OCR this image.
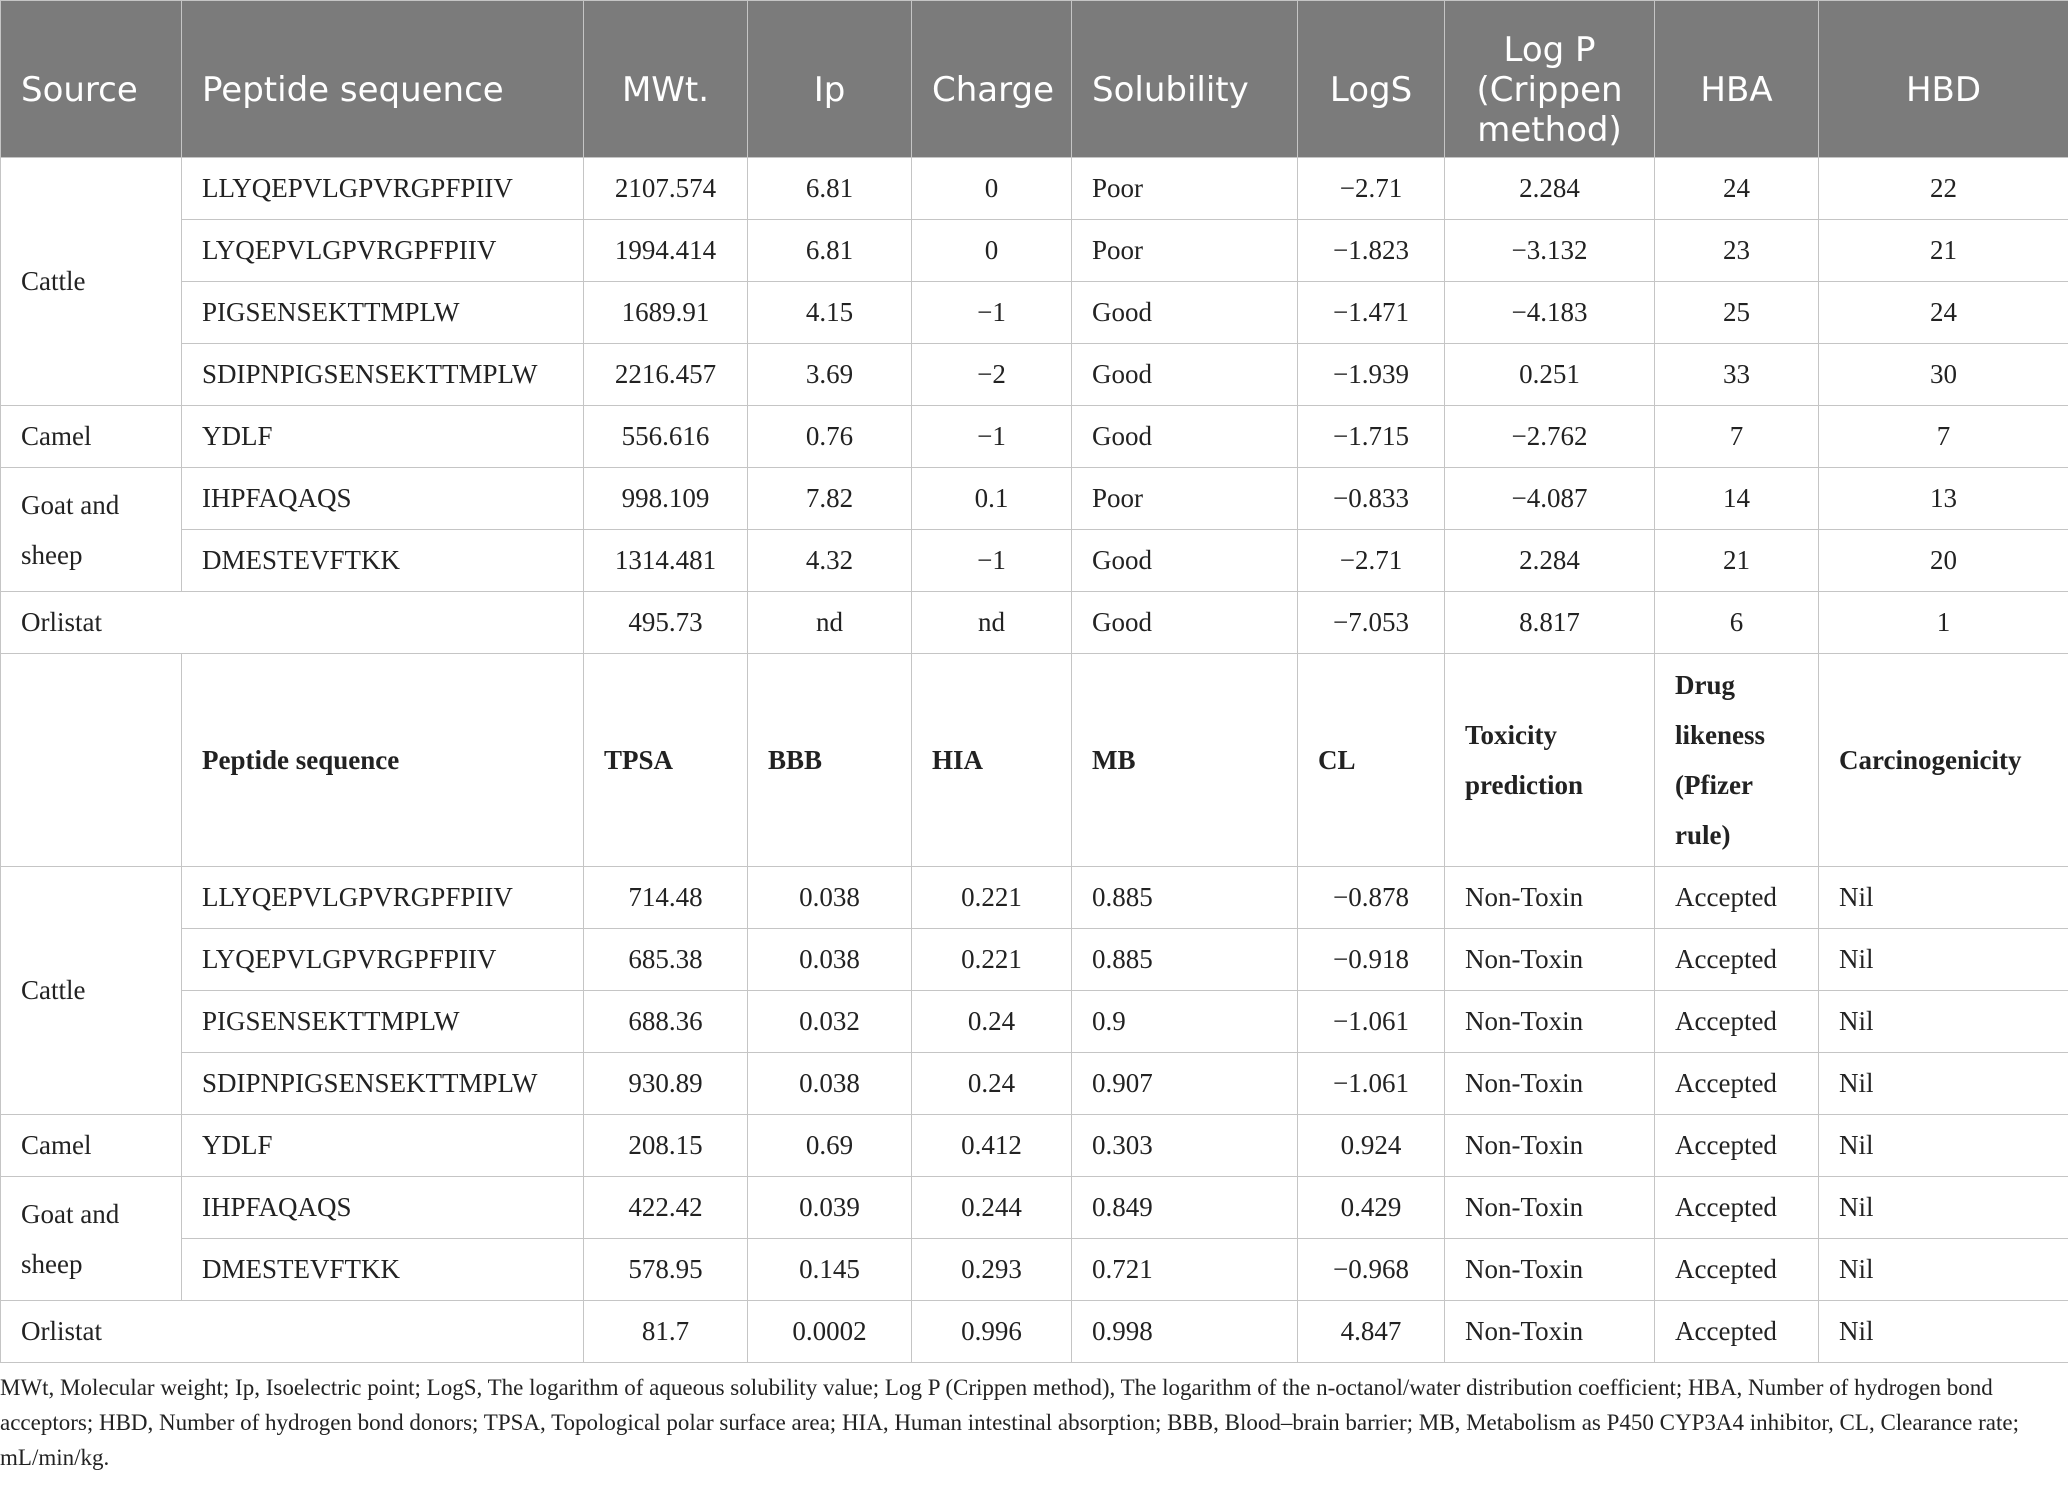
Source	Peptide sequence	MWt.	Ip	Charge	Solubility	LogS	Log P (Crippen method)	HBA	HBD

Cattle	LLYQEPVLGPVRGPFPIIV	2107.574	6.81	0	Poor	−2.71	2.284	24	22
	LYQEPVLGPVRGPFPIIV	1994.414	6.81	0	Poor	−1.823	−3.132	23	21
	PIGSENSEKTTMPLW	1689.91	4.15	−1	Good	−1.471	−4.183	25	24
	SDIPNPIGSENSEKTTMPLW	2216.457	3.69	−2	Good	−1.939	0.251	33	30
Camel	YDLF	556.616	0.76	−1	Good	−1.715	−2.762	7	7
Goat and sheep	IHPFAQAQS	998.109	7.82	0.1	Poor	−0.833	−4.087	14	13
	DMESTEVFTKK	1314.481	4.32	−1	Good	−2.71	2.284	21	20
Orlistat		495.73	nd	nd	Good	−7.053	8.817	6	1
	Peptide sequence	TPSA	BBB	HIA	MB	CL	Toxicity prediction	Drug likeness (Pfizer rule)	Carcinogenicity
Cattle	LLYQEPVLGPVRGPFPIIV	714.48	0.038	0.221	0.885	−0.878	Non-Toxin	Accepted	Nil
	LYQEPVLGPVRGPFPIIV	685.38	0.038	0.221	0.885	−0.918	Non-Toxin	Accepted	Nil
	PIGSENSEKTTMPLW	688.36	0.032	0.24	0.9	−1.061	Non-Toxin	Accepted	Nil
	SDIPNPIGSENSEKTTMPLW	930.89	0.038	0.24	0.907	−1.061	Non-Toxin	Accepted	Nil
Camel	YDLF	208.15	0.69	0.412	0.303	0.924	Non-Toxin	Accepted	Nil
Goat and sheep	IHPFAQAQS	422.42	0.039	0.244	0.849	0.429	Non-Toxin	Accepted	Nil
	DMESTEVFTKK	578.95	0.145	0.293	0.721	−0.968	Non-Toxin	Accepted	Nil
Orlistat		81.7	0.0002	0.996	0.998	4.847	Non-Toxin	Accepted	Nil
MWt, Molecular weight; Ip, Isoelectric point; LogS, The logarithm of aqueous solubility value; Log P (Crippen method), The logarithm of the n-octanol/water distribution coefficient; HBA, Number of hydrogen bond acceptors; HBD, Number of hydrogen bond donors; TPSA, Topological polar surface area; HIA, Human intestinal absorption; BBB, Blood–brain barrier; MB, Metabolism as P450 CYP3A4 inhibitor, CL, Clearance rate; mL/min/kg.
